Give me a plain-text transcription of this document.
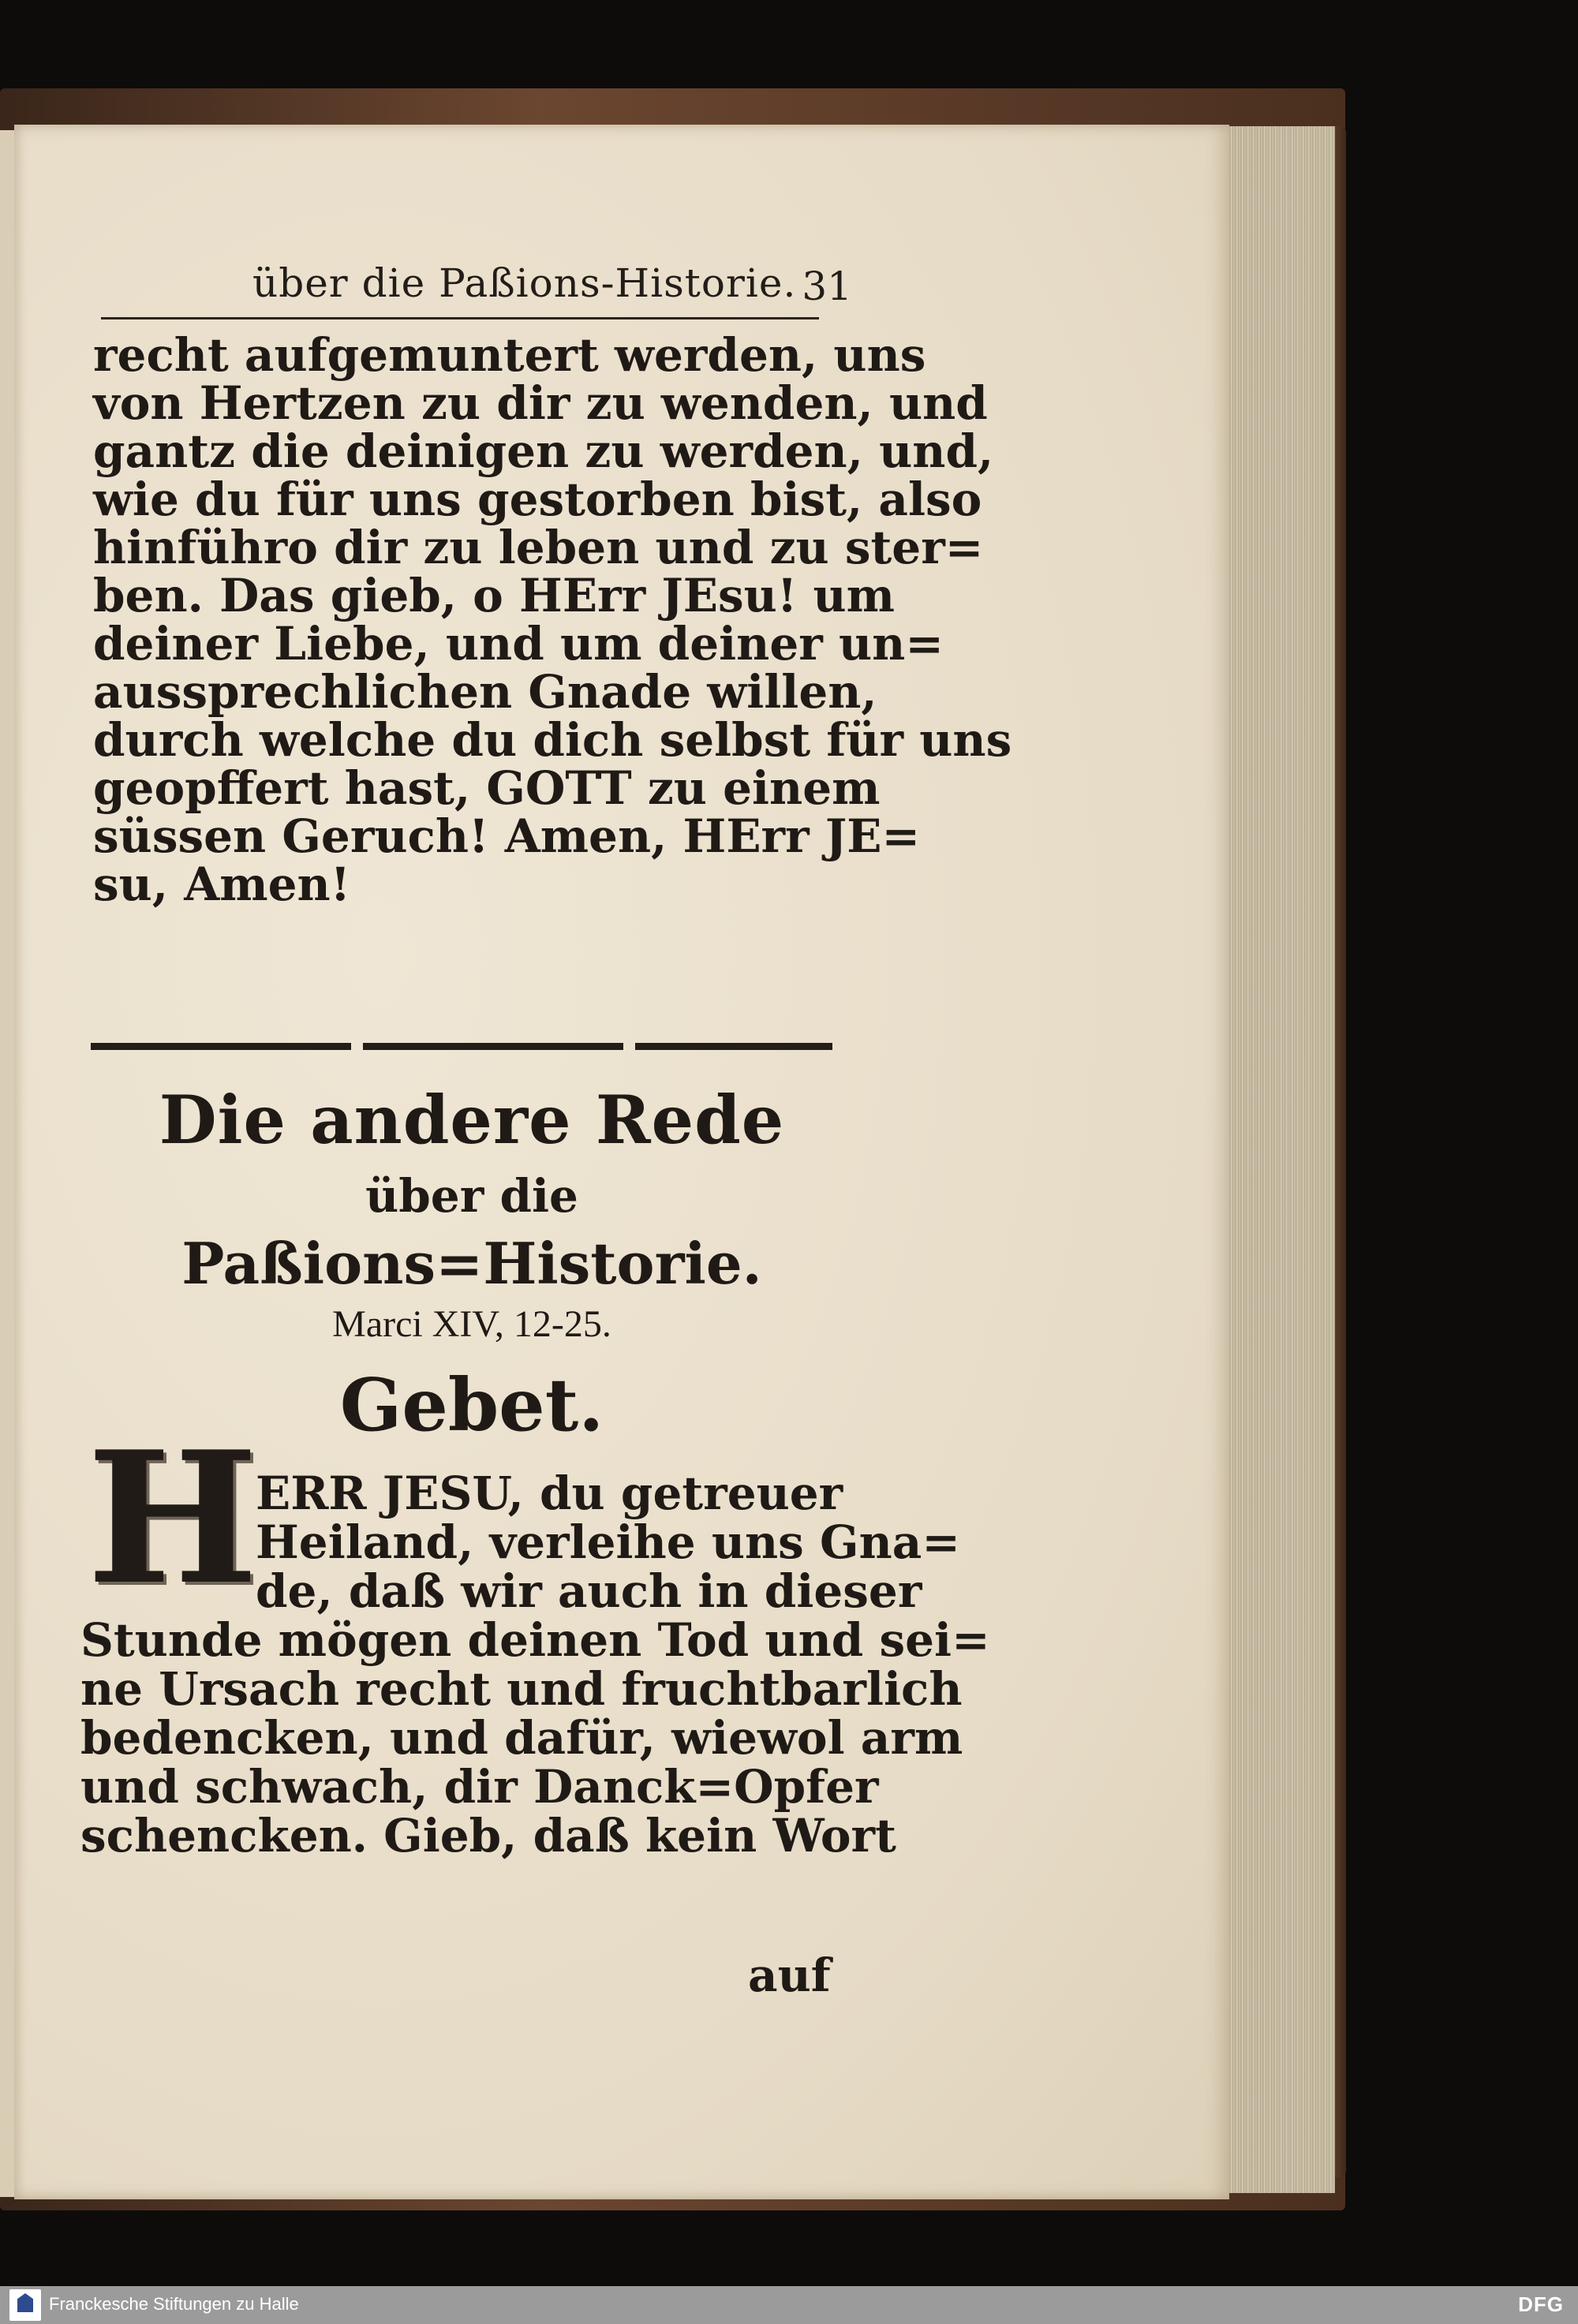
über die Paßions-Historie. 31
recht aufgemuntert werden, uns
von Hertzen zu dir zu wenden, und
gantz die deinigen zu werden, und,
wie du für uns gestorben bist, also
hinführo dir zu leben und zu ster=
ben. Das gieb, o HErr JEsu! um
deiner Liebe, und um deiner un=
aussprechlichen Gnade willen,
durch welche du dich selbst für uns
geopffert hast, GOTT zu einem
süssen Geruch! Amen, HErr JE=
su, Amen!
Die andere Rede
über die
Paßions=Historie.
Marci XIV, 12-25.
Gebet.
H
ERR JESU, du getreuer
Heiland, verleihe uns Gna=
de, daß wir auch in dieser
Stunde mögen deinen Tod und sei=
ne Ursach recht und fruchtbarlich
bedencken, und dafür, wiewol arm
und schwach, dir Danck=Opfer
schencken. Gieb, daß kein Wort
auf
Franckesche Stiftungen zu Halle	DFG
